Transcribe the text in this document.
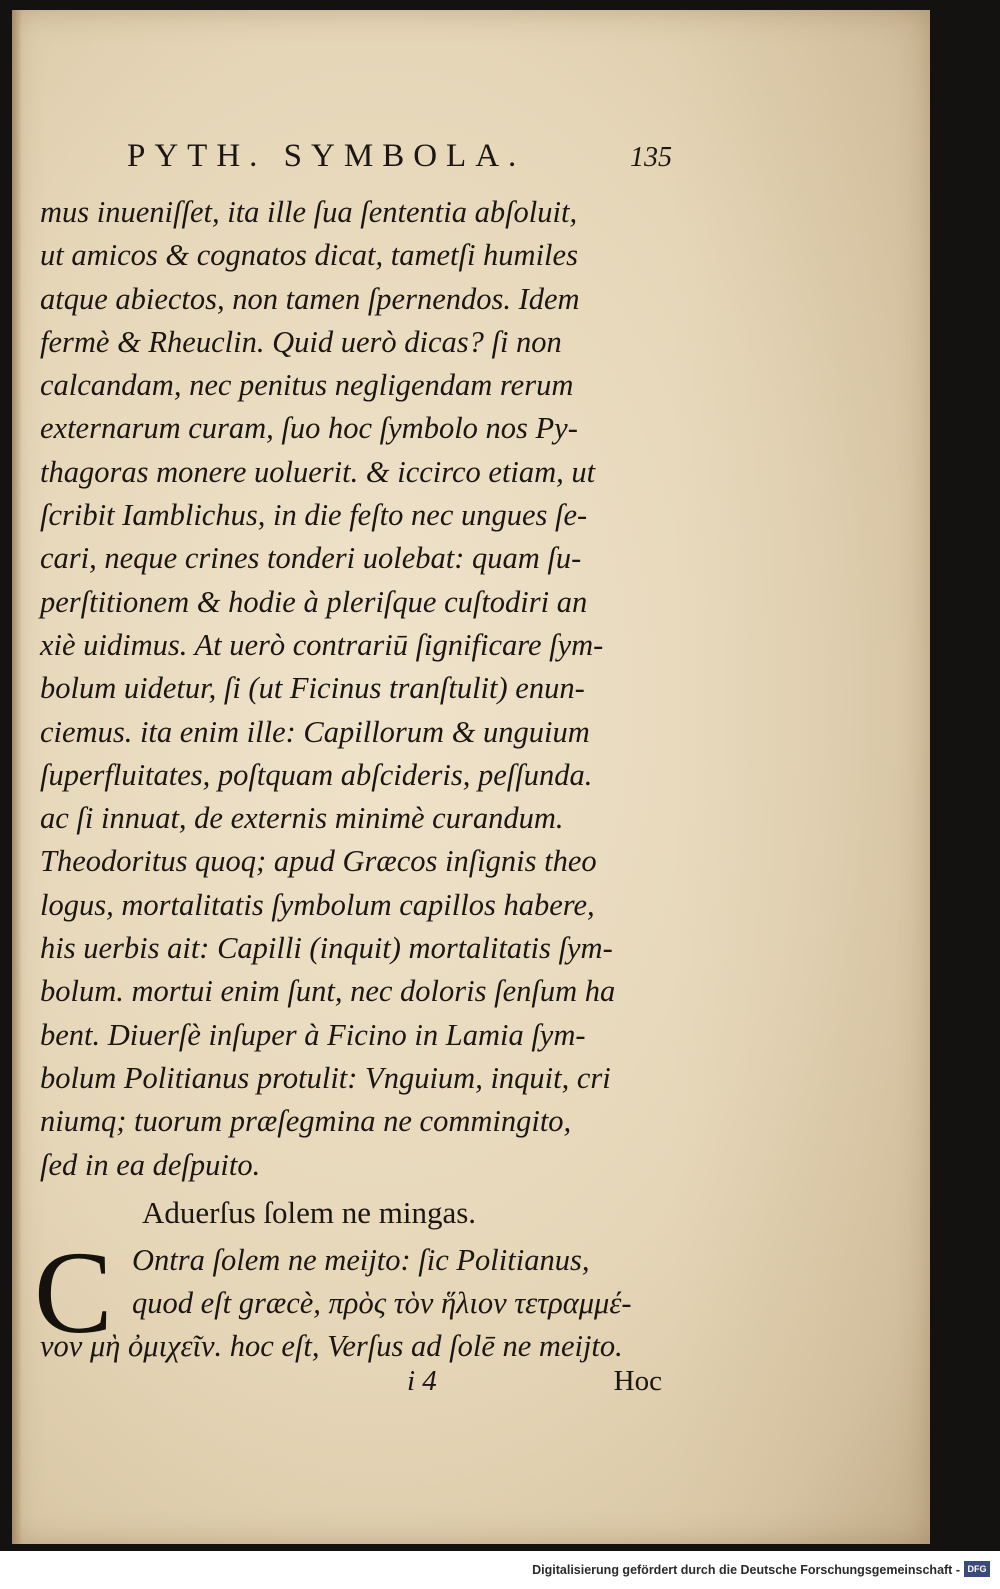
PYTH. SYMBOLA.	135
mus inueniſſet, ita ille ſua ſententia abſoluit,
ut amicos & cognatos dicat, tametſi humiles
atque abiectos, non tamen ſpernendos. Idem
fermè & Rheuclin. Quid uerò dicas? ſi non
calcandam, nec penitus negligendam rerum
externarum curam, ſuo hoc ſymbolo nos Py-
thagoras monere uoluerit. & iccirco etiam, ut
ſcribit Iamblichus, in die feſto nec ungues ſe-
cari, neque crines tonderi uolebat: quam ſu-
perſtitionem & hodie à pleriſque cuſtodiri an
xiè uidimus. At uerò contrariū ſignificare ſym-
bolum uidetur, ſi (ut Ficinus tranſtulit) enun-
ciemus. ita enim ille: Capillorum & unguium
ſuperfluitates, poſtquam abſcideris, peſſunda.
ac ſi innuat, de externis minimè curandum.
Theodoritus quoq; apud Græcos inſignis theo
logus, mortalitatis ſymbolum capillos habere,
his uerbis ait: Capilli (inquit) mortalitatis ſym-
bolum. mortui enim ſunt, nec doloris ſenſum ha
bent. Diuerſè inſuper à Ficino in Lamia ſym-
bolum Politianus protulit: Vnguium, inquit, cri
niumq; tuorum præſegmina ne commingito,
ſed in ea deſpuito.
Aduerſus ſolem ne mingas.
C Ontra ſolem ne meijto: ſic Politianus,
quod eſt græcè, πρὸς τὸν ἥλιον τετραμμέ-
νον μὴ ὀμιχεῖν. hoc eſt, Verſus ad ſolē ne meijto.
i 4	Hoc
Digitalisierung gefördert durch die Deutsche Forschungsgemeinschaft - DFG
